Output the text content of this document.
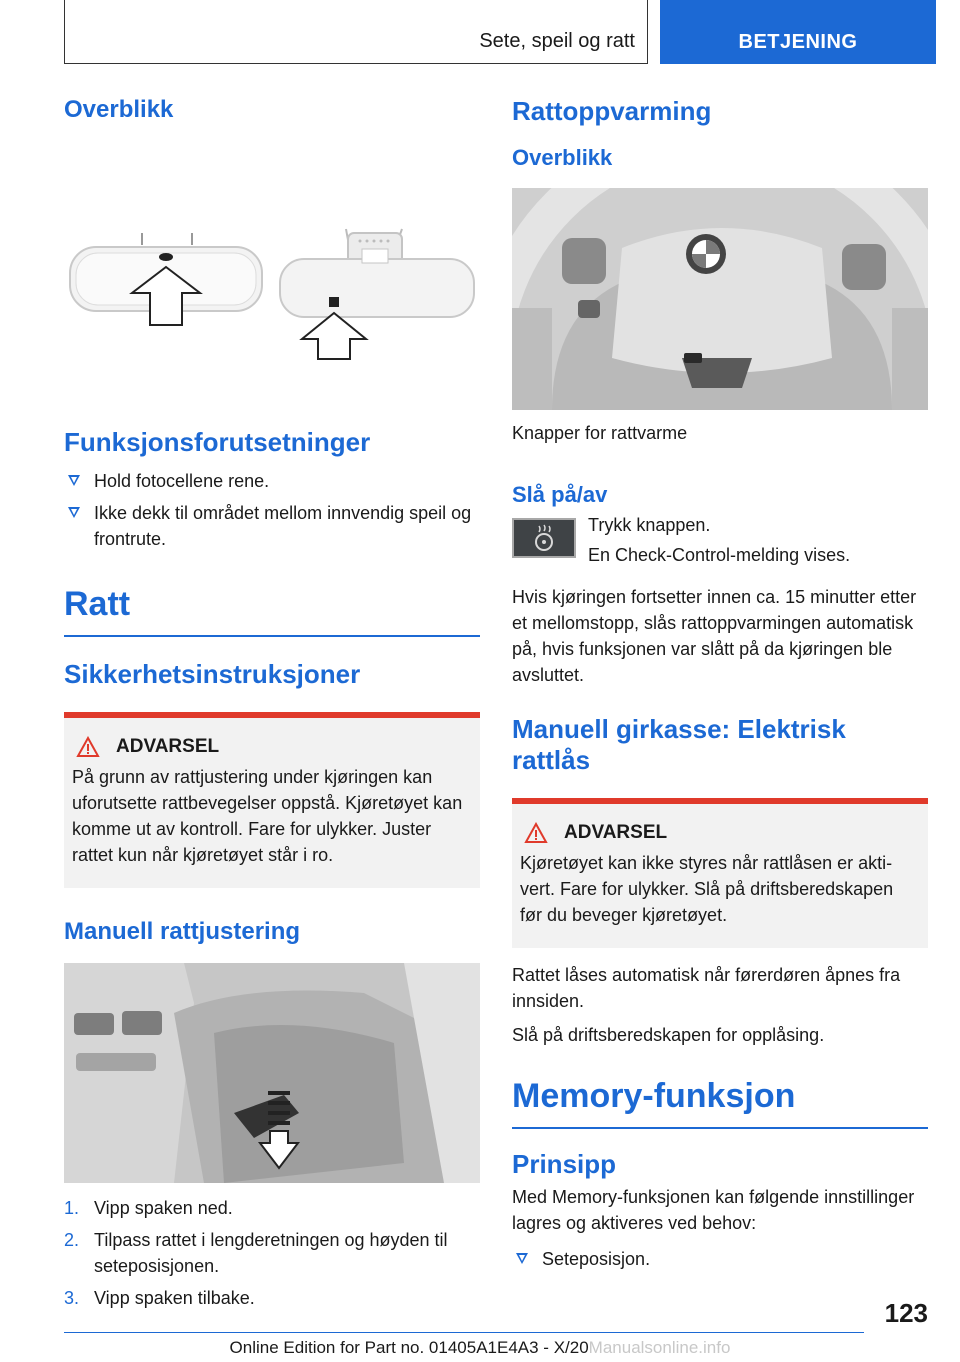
Sete, speil og ratt	BETJENING
Overblikk
Funksjonsforutsetninger
Hold fotocellene rene.
Ikke dekk til området mellom innvendig speil og frontrute.
Ratt
Sikkerhetsinstruksjoner
ADVARSEL

På grunn av rattjustering under kjøringen kan uforutsette rattbevegelser oppstå. Kjøretøyet kan komme ut av kontroll. Fare for ulykker. Juster rattet kun når kjøretøyet står i ro.

Manuell rattjustering
1. Vipp spaken ned.
2. Tilpass rattet i lengderetningen og høyden til seteposisjonen.
3. Vipp spaken tilbake.
Rattoppvarming
Overblikk

Knapper for rattvarme

Slå på/av

Trykk knappen.

En Check-Control-melding vises.

Hvis kjøringen fortsetter innen ca. 15 minutter etter et mellomstopp, slås rattoppvarmingen automatisk på, hvis funksjonen var slått på da kjøringen ble avsluttet.

Manuell girkasse: Elektrisk rattlås
ADVARSEL

Kjøretøyet kan ikke styres når rattlåsen er aktivert. Fare for ulykker. Slå på driftsberedskapen før du beveger kjøretøyet.

Rattet låses automatisk når førerdøren åpnes fra innsiden.

Slå på driftsberedskapen for opplåsing.

Memory-funksjon
Prinsipp

Med Memory-funksjonen kan følgende innstillinger lagres og aktiveres ved behov:

Seteposisjon.
123
Online Edition for Part no. 01405A1E4A3 - X/20Manualsonline.info
